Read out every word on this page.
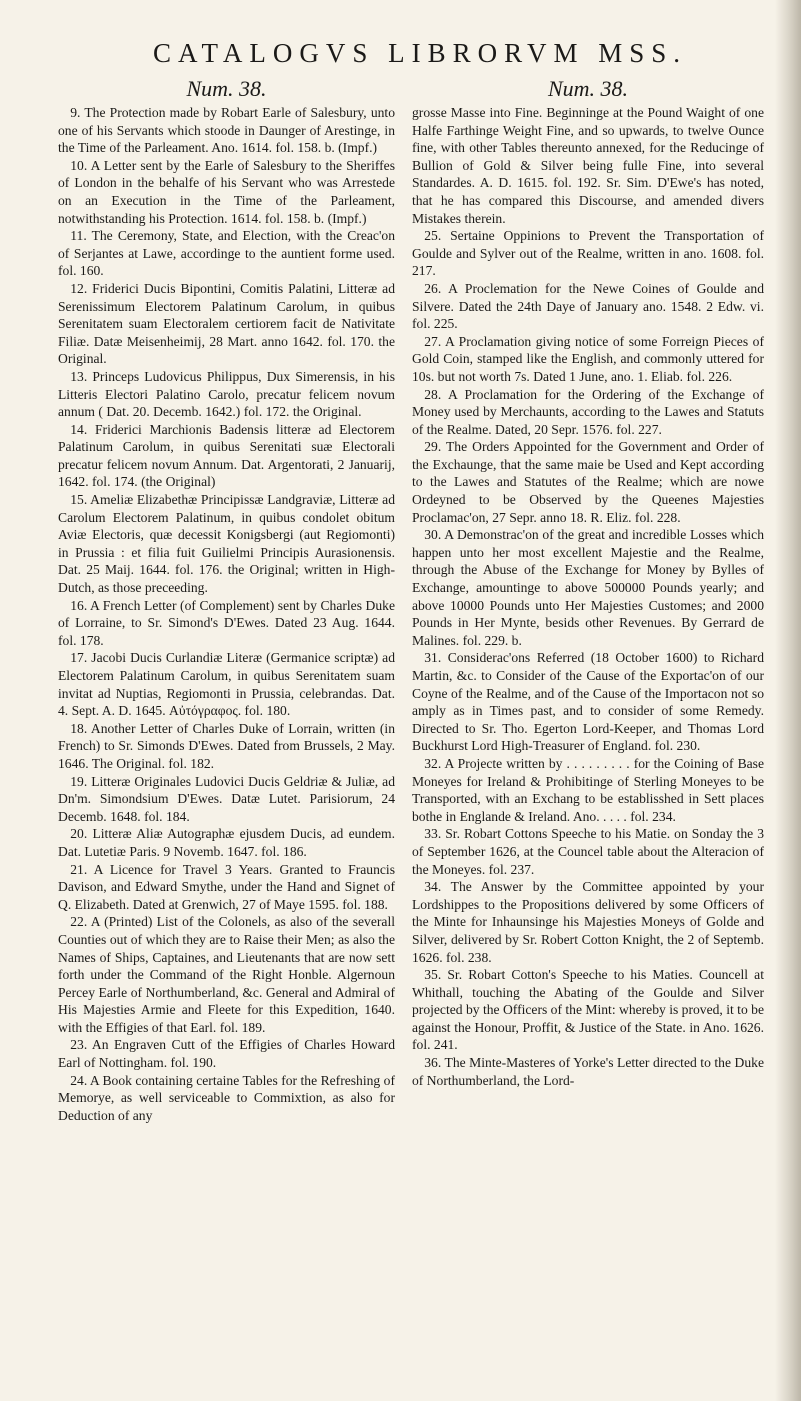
CATALOGVS LIBRORVM MSS.
Num. 38.

9. The Protection made by Robart Earle of Salesbury, unto one of his Servants which stoode in Daunger of Arestinge, in the Time of the Parleament. Ano. 1614. fol. 158. b. (Impf.)

10. A Letter sent by the Earle of Salesbury to the Sheriffes of London in the behalfe of his Servant who was Arrestede on an Execution in the Time of the Parleament, notwithstanding his Protection. 1614. fol. 158. b. (Impf.)

11. The Ceremony, State, and Election, with the Creac'on of Serjantes at Lawe, accordinge to the auntient forme used. fol. 160.

12. Friderici Ducis Bipontini, Comitis Palatini, Litteræ ad Serenissimum Electorem Palatinum Carolum, in quibus Serenitatem suam Electoralem certiorem facit de Nativitate Filiæ. Datæ Meisenheimij, 28 Mart. anno 1642. fol. 170. the Original.

13. Princeps Ludovicus Philippus, Dux Simerensis, in his Litteris Electori Palatino Carolo, precatur felicem novum annum ( Dat. 20. Decemb. 1642.) fol. 172. the Original.

14. Friderici Marchionis Badensis litteræ ad Electorem Palatinum Carolum, in quibus Serenitati suæ Electorali precatur felicem novum Annum. Dat. Argentorati, 2 Januarij, 1642. fol. 174. (the Original)

15. Ameliæ Elizabethæ Principissæ Landgraviæ, Litteræ ad Carolum Electorem Palatinum, in quibus condolet obitum Aviæ Electoris, quæ decessit Konigsbergi (aut Regiomonti) in Prussia : et filia fuit Guilielmi Principis Aurasionensis. Dat. 25 Maij. 1644. fol. 176. the Original; written in High-Dutch, as those preceeding.

16. A French Letter (of Complement) sent by Charles Duke of Lorraine, to Sr. Simond's D'Ewes. Dated 23 Aug. 1644. fol. 178.

17. Jacobi Ducis Curlandiæ Literæ (Germanice scriptæ) ad Electorem Palatinum Carolum, in quibus Serenitatem suam invitat ad Nuptias, Regiomonti in Prussia, celebrandas. Dat. 4. Sept. A. D. 1645. Αὐτόγραφος. fol. 180.

18. Another Letter of Charles Duke of Lorrain, written (in French) to Sr. Simonds D'Ewes. Dated from Brussels, 2 May. 1646. The Original. fol. 182.

19. Litteræ Originales Ludovici Ducis Geldriæ & Juliæ, ad Dn'm. Simondsium D'Ewes. Datæ Lutet. Parisiorum, 24 Decemb. 1648. fol. 184.

20. Litteræ Aliæ Autographæ ejusdem Ducis, ad eundem. Dat. Lutetiæ Paris. 9 Novemb. 1647. fol. 186.

21. A Licence for Travel 3 Years. Granted to Frauncis Davison, and Edward Smythe, under the Hand and Signet of Q. Elizabeth. Dated at Grenwich, 27 of Maye 1595. fol. 188.

22. A (Printed) List of the Colonels, as also of the severall Counties out of which they are to Raise their Men; as also the Names of Ships, Captaines, and Lieutenants that are now sett forth under the Command of the Right Honble. Algernoun Percey Earle of Northumberland, &c. General and Admiral of His Majesties Armie and Fleete for this Expedition, 1640. with the Effigies of that Earl. fol. 189.

23. An Engraven Cutt of the Effigies of Charles Howard Earl of Nottingham. fol. 190.

24. A Book containing certaine Tables for the Refreshing of Memorye, as well serviceable to Commixtion, as also for Deduction of any

Num. 38.

grosse Masse into Fine. Beginninge at the Pound Waight of one Halfe Farthinge Weight Fine, and so upwards, to twelve Ounce fine, with other Tables thereunto annexed, for the Reducinge of Bullion of Gold & Silver being fulle Fine, into several Standardes. A. D. 1615. fol. 192. Sr. Sim. D'Ewe's has noted, that he has compared this Discourse, and amended divers Mistakes therein.

25. Sertaine Oppinions to Prevent the Transportation of Goulde and Sylver out of the Realme, written in ano. 1608. fol. 217.

26. A Proclemation for the Newe Coines of Goulde and Silvere. Dated the 24th Daye of January ano. 1548. 2 Edw. vi. fol. 225.

27. A Proclamation giving notice of some Forreign Pieces of Gold Coin, stamped like the English, and commonly uttered for 10s. but not worth 7s. Dated 1 June, ano. 1. Eliab. fol. 226.

28. A Proclamation for the Ordering of the Exchange of Money used by Merchaunts, according to the Lawes and Statuts of the Realme. Dated, 20 Sepr. 1576. fol. 227.

29. The Orders Appointed for the Government and Order of the Exchaunge, that the same maie be Used and Kept according to the Lawes and Statutes of the Realme; which are nowe Ordeyned to be Observed by the Queenes Majesties Proclamac'on, 27 Sepr. anno 18. R. Eliz. fol. 228.

30. A Demonstrac'on of the great and incredible Losses which happen unto her most excellent Majestie and the Realme, through the Abuse of the Exchange for Money by Bylles of Exchange, amountinge to above 500000 Pounds yearly; and above 10000 Pounds unto Her Majesties Customes; and 2000 Pounds in Her Mynte, besids other Revenues. By Gerrard de Malines. fol. 229. b.

31. Considerac'ons Referred (18 October 1600) to Richard Martin, &c. to Consider of the Cause of the Exportac'on of our Coyne of the Realme, and of the Cause of the Importacon not so amply as in Times past, and to consider of some Remedy. Directed to Sr. Tho. Egerton Lord-Keeper, and Thomas Lord Buckhurst Lord High-Treasurer of England. fol. 230.

32. A Projecte written by . . . . . . . . . for the Coining of Base Moneyes for Ireland & Prohibitinge of Sterling Moneyes to be Transported, with an Exchang to be establisshed in Sett places bothe in Englande & Ireland. Ano. . . . . fol. 234.

33. Sr. Robart Cottons Speeche to his Matie. on Sonday the 3 of September 1626, at the Councel table about the Alteracion of the Moneyes. fol. 237.

34. The Answer by the Committee appointed by your Lordshippes to the Propositions delivered by some Officers of the Minte for Inhaunsinge his Majesties Moneys of Golde and Silver, delivered by Sr. Robert Cotton Knight, the 2 of Septemb. 1626. fol. 238.

35. Sr. Robart Cotton's Speeche to his Maties. Councell at Whithall, touching the Abating of the Goulde and Silver projected by the Officers of the Mint: whereby is proved, it to be against the Honour, Proffit, & Justice of the State. in Ano. 1626. fol. 241.

36. The Minte-Masteres of Yorke's Letter directed to the Duke of Northumberland, the Lord-
